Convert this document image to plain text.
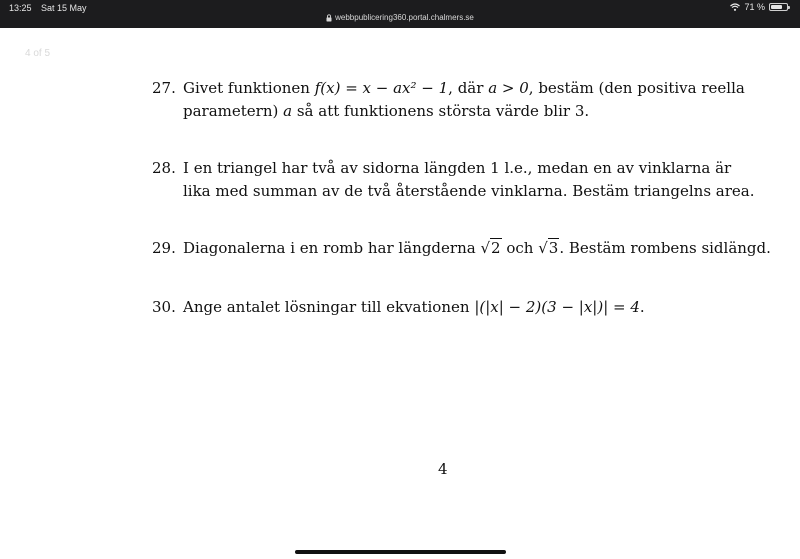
13:25 Sat 15 May	71 %
webbpublicering360.portal.chalmers.se
4 of 5
27. Givet funktionen f(x) = x − ax² − 1, där a > 0, bestäm (den positiva reella
parametern) a så att funktionens största värde blir 3.
28. I en triangel har två av sidorna längden 1 l.e., medan en av vinklarna är
lika med summan av de två återstående vinklarna. Bestäm triangelns area.
29. Diagonalerna i en romb har längderna √2 och √3. Bestäm rombens sidlängd.
30. Ange antalet lösningar till ekvationen |(|x| − 2)(3 − |x|)| = 4.
4
